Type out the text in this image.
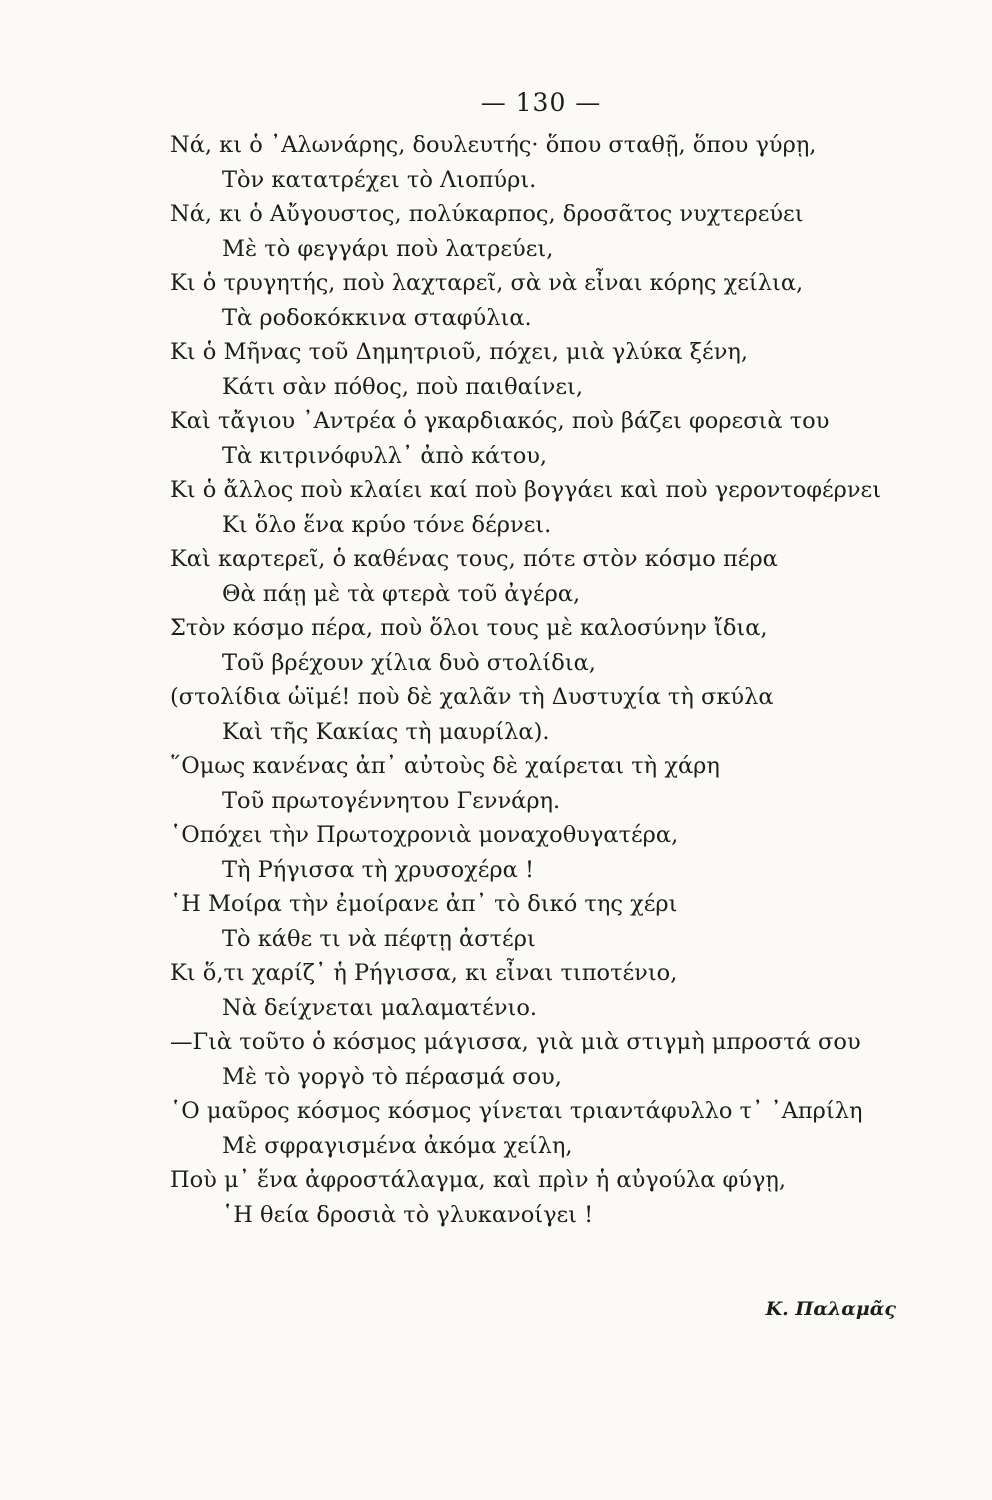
— 130 —
Νά, κι ὁ ᾿Αλωνάρης, δουλευτής· ὅπου σταθῇ, ὅπου γύρῃ,
Τὸν κατατρέχει τὸ Λιοπύρι.
Νά, κι ὁ Αὔγουστος, πολύκαρπος, δροσᾶτος νυχτερεύει
Μὲ τὸ φεγγάρι ποὺ λατρεύει,
Κι ὁ τρυγητής, ποὺ λαχταρεῖ, σὰ νὰ εἶναι κόρης χείλια,
Τὰ ροδοκόκκινα σταφύλια.
Κι ὁ Μῆνας τοῦ Δημητριοῦ, πόχει, μιὰ γλύκα ξένη,
Κάτι σὰν πόθος, ποὺ παιθαίνει,
Καὶ τἄγιου ᾿Αντρέα ὁ γκαρδιακός, ποὺ βάζει φορεσιὰ του
Τὰ κιτρινόφυλλ᾿ ἀπὸ κάτου,
Κι ὁ ἄλλος ποὺ κλαίει καί ποὺ βογγάει καὶ ποὺ γεροντοφέρνει
Κι ὅλο ἕνα κρύο τόνε δέρνει.
Καὶ καρτερεῖ, ὁ καθένας τους, πότε στὸν κόσμο πέρα
Θὰ πάῃ μὲ τὰ φτερὰ τοῦ ἀγέρα,
Στὸν κόσμο πέρα, ποὺ ὅλοι τους μὲ καλοσύνην ἴδια,
Τοῦ βρέχουν χίλια δυὸ στολίδια,
(στολίδια ὡϊμέ! ποὺ δὲ χαλᾶν τὴ Δυστυχία τὴ σκύλα
Καὶ τῆς Κακίας τὴ μαυρίλα).
῞Ομως κανένας ἀπ᾿ αὐτοὺς δὲ χαίρεται τὴ χάρη
Τοῦ πρωτογέννητου Γεννάρη.
῾Οπόχει τὴν Πρωτοχρονιὰ μοναχοθυγατέρα,
Τὴ Ρήγισσα τὴ χρυσοχέρα !
῾Η Μοίρα τὴν ἐμοίρανε ἀπ᾿ τὸ δικό της χέρι
Τὸ κάθε τι νὰ πέφτῃ ἀστέρι
Κι ὅ,τι χαρίζ᾿ ἡ Ρήγισσα, κι εἶναι τιποτένιο,
Νὰ δείχνεται μαλαματένιο.
—Γιὰ τοῦτο ὁ κόσμος μάγισσα, γιὰ μιὰ στιγμὴ μπροστά σου
Μὲ τὸ γοργὸ τὸ πέρασμά σου,
῾Ο μαῦρος κόσμος κόσμος γίνεται τριαντάφυλλο τ᾿ ᾿Απρίλη
Μὲ σφραγισμένα ἀκόμα χείλη,
Ποὺ μ᾿ ἕνα ἀφροστάλαγμα, καὶ πρὶν ἡ αὐγούλα φύγῃ,
῾Η θεία δροσιὰ τὸ γλυκανοίγει !
Κ. Παλαμᾶς
